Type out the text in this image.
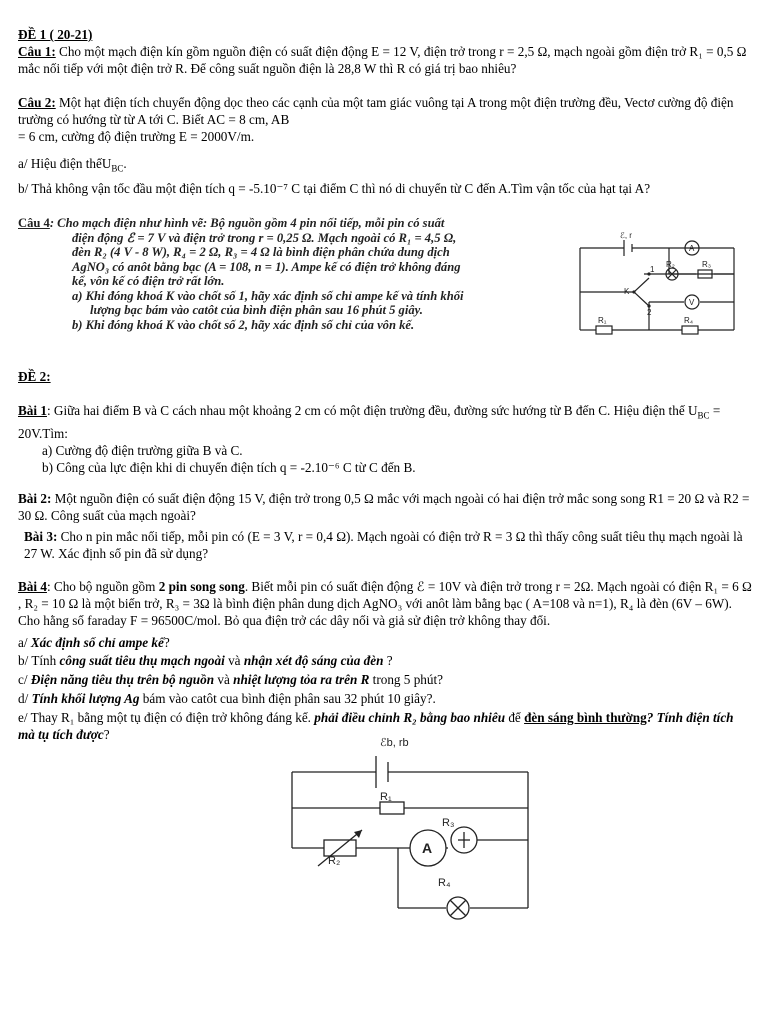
ĐỀ 1 ( 20-21)
Câu 1: Cho một mạch điện kín gồm nguồn điện có suất điện động E = 12 V, điện trở trong r = 2,5 Ω, mạch ngoài gồm điện trở R₁ = 0,5 Ω mắc nối tiếp với một điện trở R. Để công suất nguồn điện là 28,8 W thì R có giá trị bao nhiêu?
Câu 2: Một hạt điện tích chuyển động dọc theo các cạnh của một tam giác vuông tại A trong một điện trường đều, Vectơ cường độ điện trường có hướng từ từ A tới C. Biết AC = 8 cm, AB
= 6 cm, cường độ điện trường E = 2000V/m.
a/ Hiệu điện thếU$_{BC}$.
b/ Thả không vận tốc đầu một điện tích q = -5.10⁻⁷ C tại điểm C thì nó di chuyển từ C đến A.Tìm vận tốc của hạt tại A?
Câu 4: Cho mạch điện như hình vẽ: Bộ nguồn gồm 4 pin nối tiếp, mỗi pin có suất
điện động ℰ = 7 V và điện trở trong r = 0,25 Ω. Mạch ngoài có R₁ = 4,5 Ω,
đèn R₂ (4 V - 8 W), R₄ = 2 Ω, R₃ = 4 Ω là bình điện phân chứa dung dịch
AgNO₃ có anôt bằng bạc (A = 108, n = 1). Ampe kế có điện trở không đáng
kể, vôn kế có điện trở rất lớn.
a) Khi đóng khoá K vào chốt số 1, hãy xác định số chỉ ampe kế và tính khối
lượng bạc bám vào catôt của bình điện phân sau 16 phút 5 giây.
b) Khi đóng khoá K vào chốt số 2, hãy xác định số chỉ của vôn kế.
ℰ, r
A
R₂	R₃
1
K
V
2
R₁	R₄
ĐỀ 2:
Bài 1: Giữa hai điểm B và C cách nhau một khoảng 2 cm có một điện trường đều, đường sức hướng từ B đến C. Hiệu điện thế $U_{BC}$ = 20V.Tìm:
a) Cường độ điện trường giữa B và C.
b) Công của lực điện khi di chuyển điện tích q = -2.10⁻⁶ C từ C đến B.
Bài 2: Một nguồn điện có suất điện động 15 V, điện trở trong 0,5 Ω mắc với mạch ngoài có hai điện trở mắc song song R1 = 20 Ω và R2 = 30 Ω. Công suất của mạch ngoài?
Bài 3: Cho n pin mắc nối tiếp, mỗi pin có (E = 3 V, r = 0,4 Ω). Mạch ngoài có điện trở R = 3 Ω thì thấy công suất tiêu thụ mạch ngoài là 27 W. Xác định số pin đã sử dụng?
Bài 4: Cho bộ nguồn gồm 2 pin song song. Biết mỗi pin có suất điện động ℰ = 10V và điện trở trong r = 2Ω. Mạch ngoài có điện R₁ = 6 Ω , R₂ = 10 Ω là một biến trở, R₃ = 3Ω là bình điện phân dung dịch AgNO₃ với anôt làm bằng bạc ( A=108 và n=1), R₄ là đèn (6V – 6W). Cho hằng số faraday F = 96500C/mol. Bỏ qua điện trở các dây nối và giả sử điện trở không thay đổi.
a/ Xác định số chỉ ampe kế?
b/ Tính công suất tiêu thụ mạch ngoài và nhận xét độ sáng của đèn ?
c/ Điện năng tiêu thụ trên bộ nguồn và nhiệt lượng tỏa ra trên R trong 5 phút?
d/ Tính khối lượng Ag bám vào catôt cua bình điện phân sau 32 phút 10 giây?.
e/ Thay R₁ bằng một tụ điện có điện trở không đáng kể. phải điều chỉnh R₂ bằng bao nhiêu để đèn sáng bình thường? Tính điện tích mà tụ tích được?
ℰb, rb
R₁
R₃
A
R₂
R₄
